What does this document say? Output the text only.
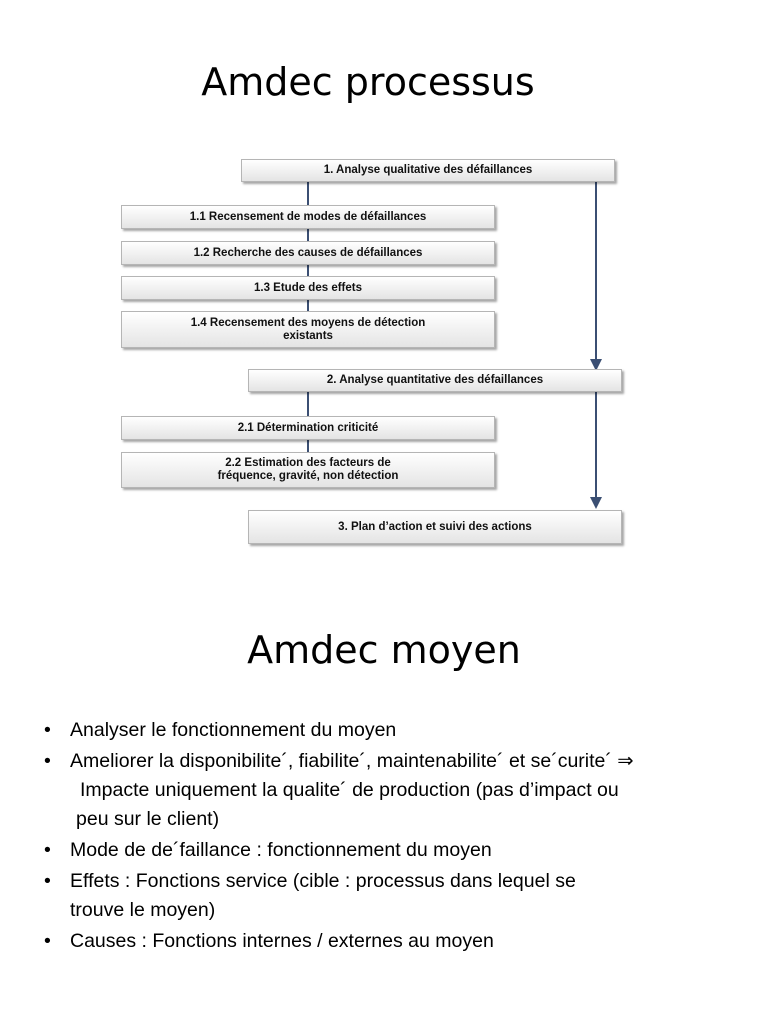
Amdec processus
1. Analyse qualitative des défaillances
1.1 Recensement de modes de défaillances
1.2 Recherche des causes de défaillances
1.3 Etude des effets
1.4 Recensement des moyens de détection
existants
2. Analyse quantitative des défaillances
2.1 Détermination criticité
2.2 Estimation des facteurs de
fréquence, gravité, non détection
3. Plan d’action et suivi des actions
Amdec moyen
• Analyser le fonctionnement du moyen
• Ameliorer la disponibilite´, fiabilite´, maintenabilite´ et se´curite´ ⇒
Impacte uniquement la qualite´ de production (pas d’impact ou
peu sur le client)
• Mode de de´faillance : fonctionnement du moyen
• Effets : Fonctions service (cible : processus dans lequel se
trouve le moyen)
• Causes : Fonctions internes / externes au moyen
